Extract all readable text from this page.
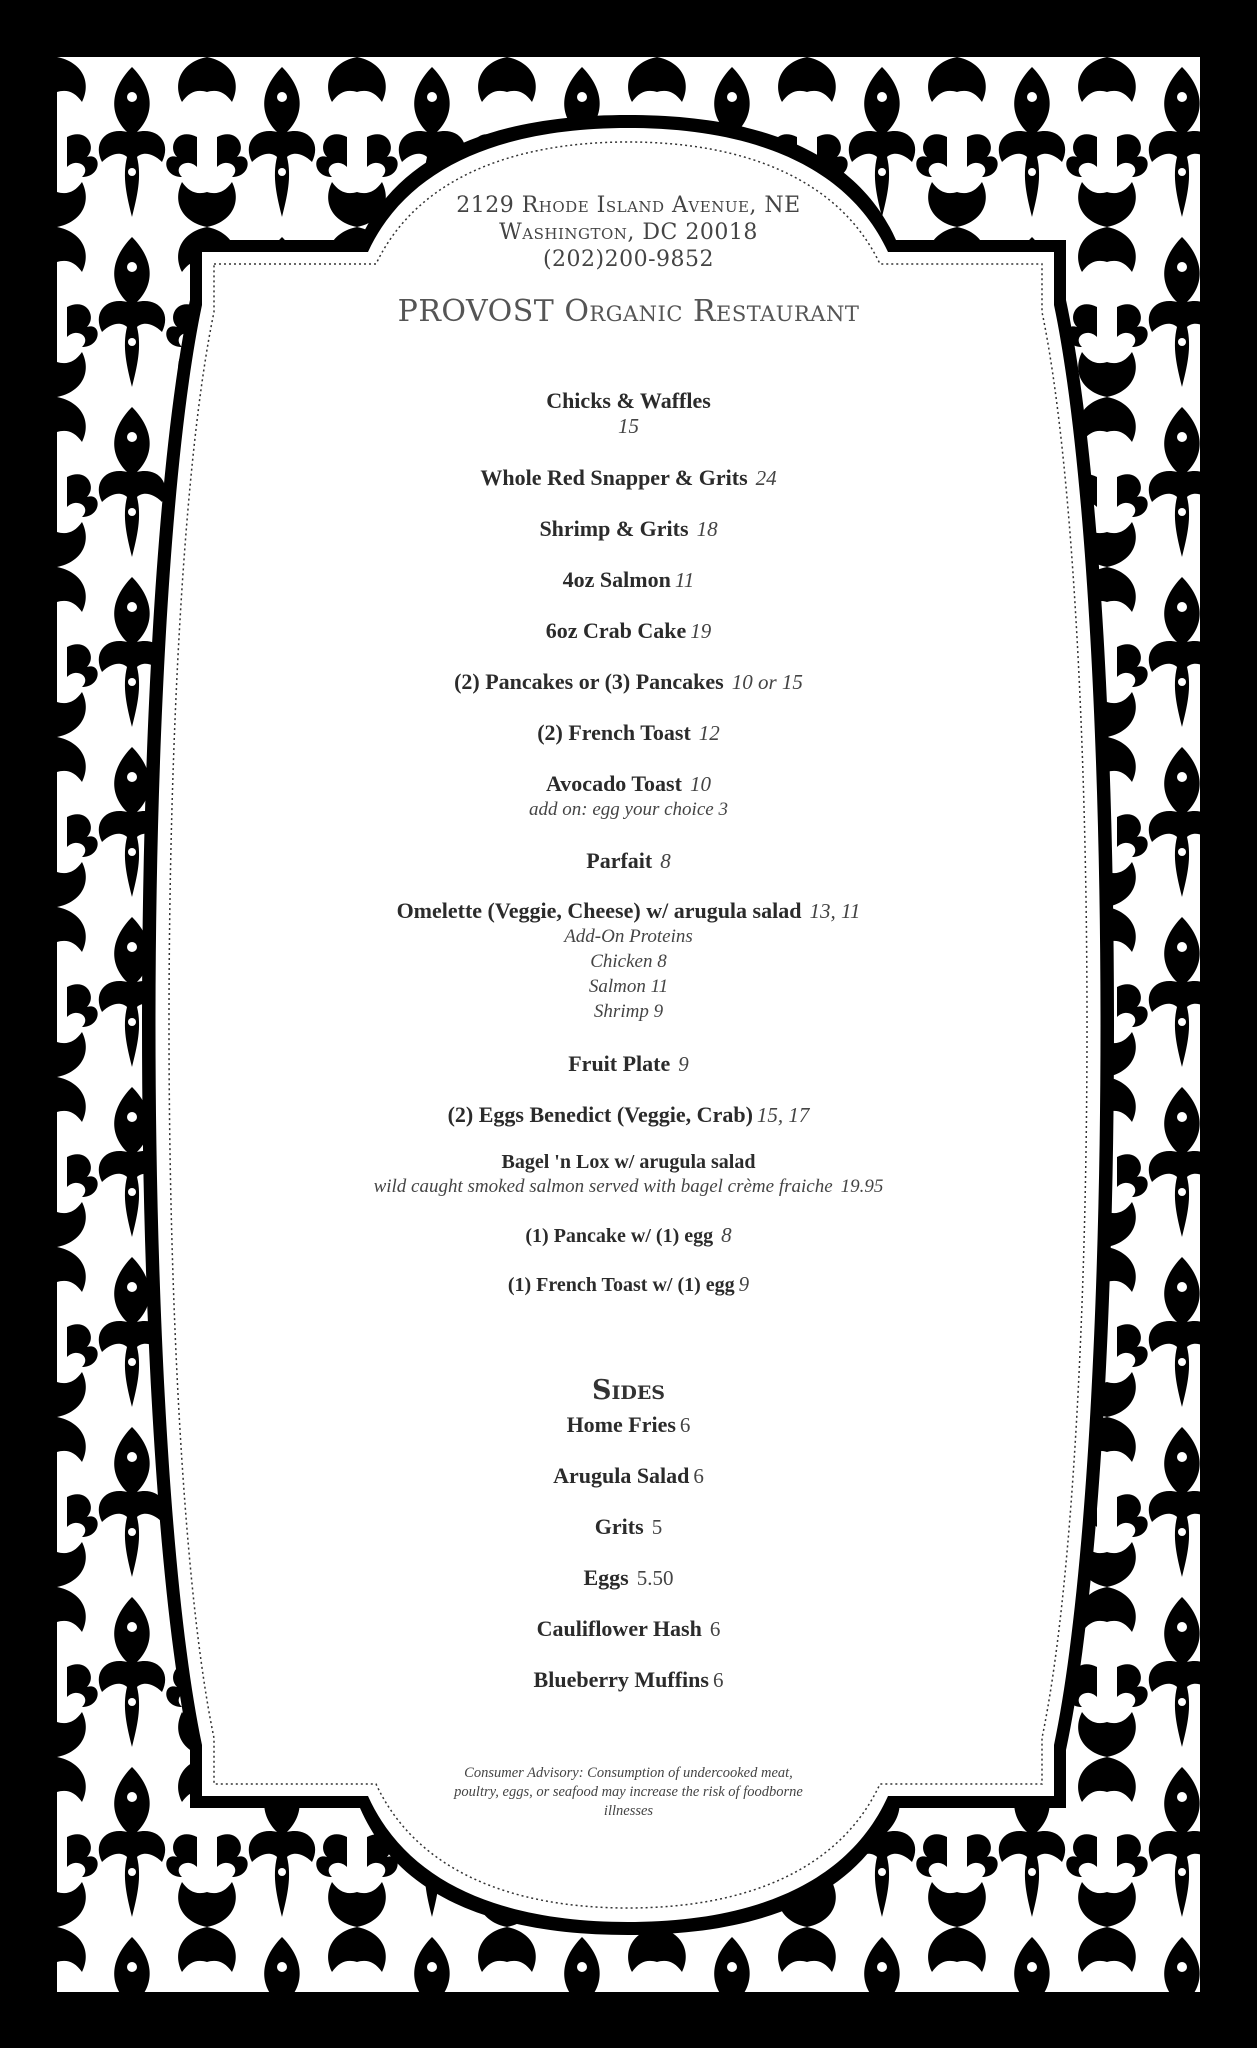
2129 Rhode Island Avenue, NE
Washington, DC 20018
(202)200-9852
PROVOST Organic Restaurant
Chicks & Waffles
15
Whole Red Snapper & Grits 24
Shrimp & Grits 18
4oz Salmon 11
6oz Crab Cake 19
(2) Pancakes or (3) Pancakes 10 or 15
(2) French Toast 12
Avocado Toast 10
add on: egg your choice 3
Parfait 8
Omelette (Veggie, Cheese) w/ arugula salad 13, 11
Add-On Proteins
Chicken 8
Salmon 11
Shrimp 9
Fruit Plate 9
(2) Eggs Benedict (Veggie, Crab) 15, 17
Bagel 'n Lox w/ arugula salad
wild caught smoked salmon served with bagel crème fraiche 19.95
(1) Pancake w/ (1) egg 8
(1) French Toast w/ (1) egg 9
Sides
Home Fries 6
Arugula Salad 6
Grits 5
Eggs 5.50
Cauliflower Hash 6
Blueberry Muffins 6
Consumer Advisory: Consumption of undercooked meat,
poultry, eggs, or seafood may increase the risk of foodborne
illnesses
